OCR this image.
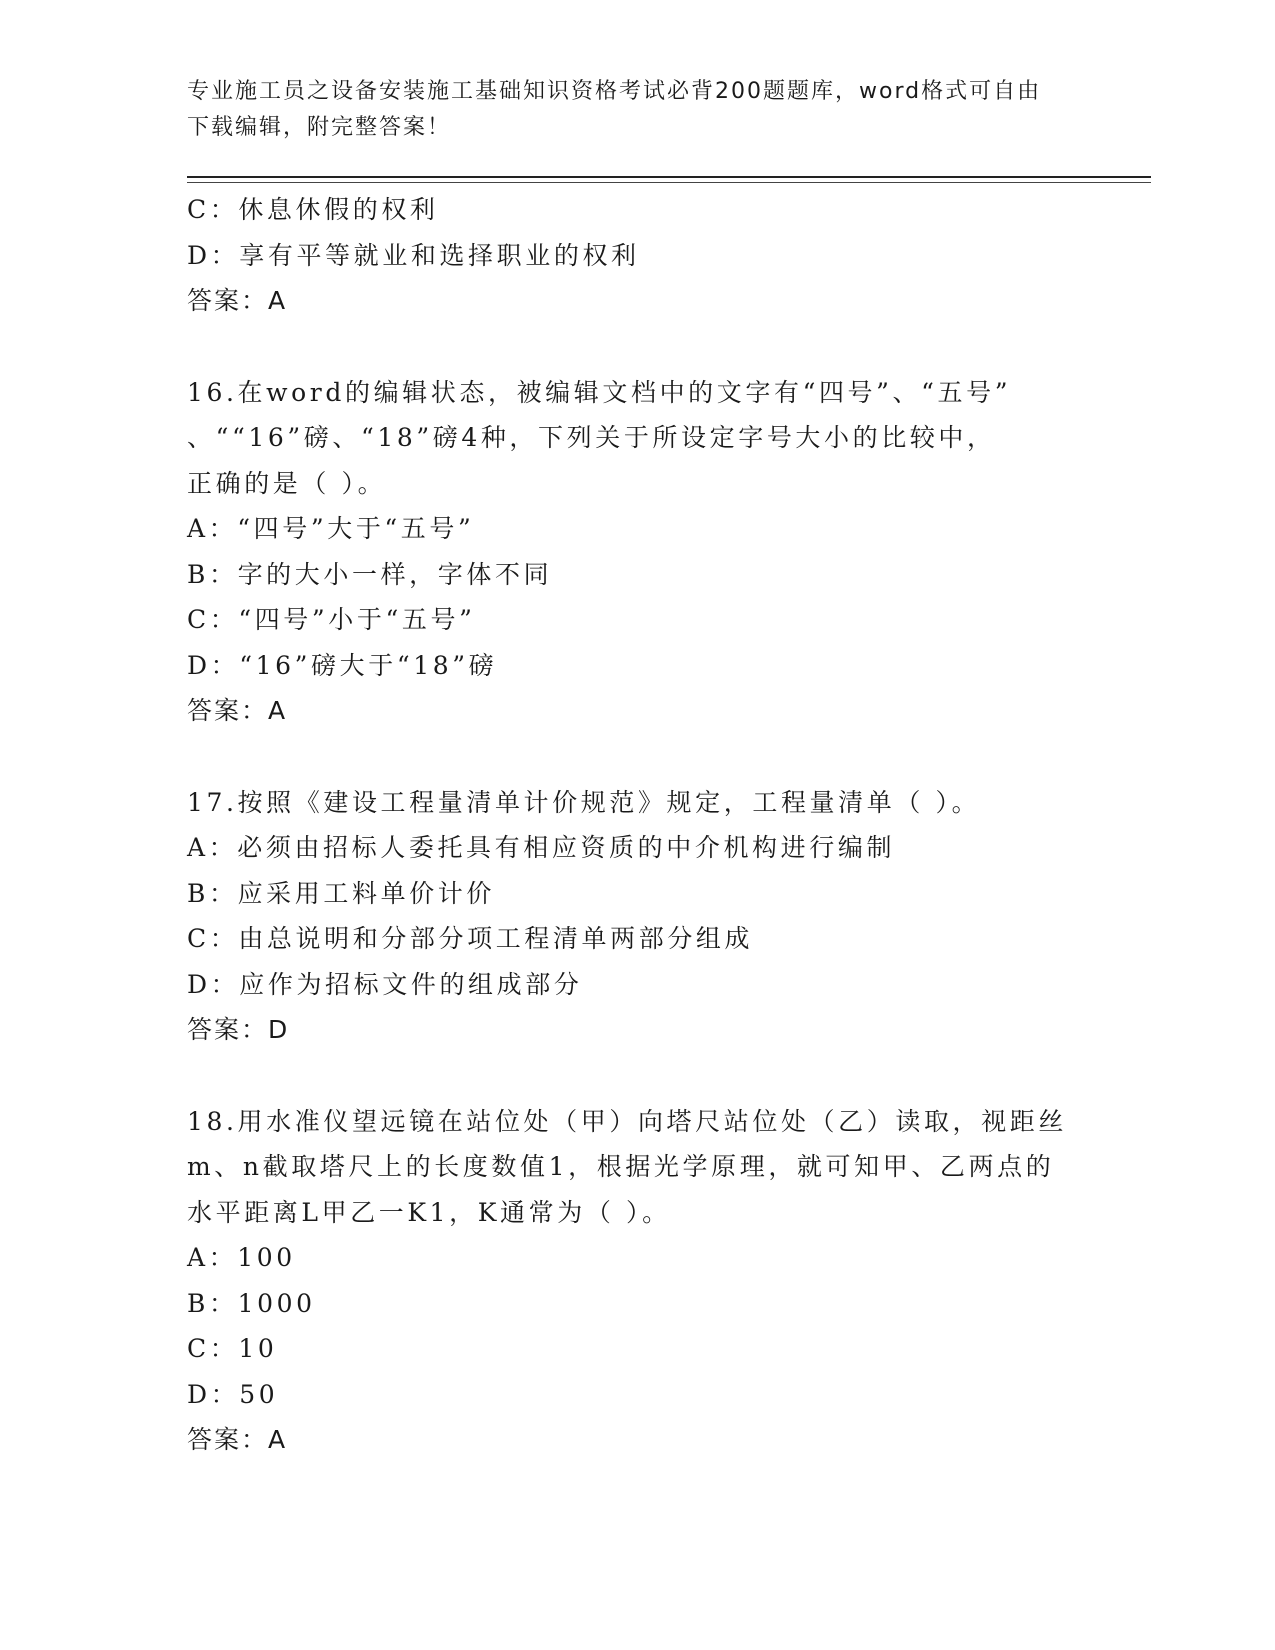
专业施工员之设备安装施工基础知识资格考试必背200题题库，word格式可自由
下载编辑，附完整答案！
C：休息休假的权利
D：享有平等就业和选择职业的权利
答案：A
16.在word的编辑状态，被编辑文档中的文字有“四号”、“五号”
、““16”磅、“18”磅4种，下列关于所设定字号大小的比较中，
正确的是（ ）。
A：“四号”大于“五号”
B：字的大小一样，字体不同
C：“四号”小于“五号”
D：“16”磅大于“18”磅
答案：A
17.按照《建设工程量清单计价规范》规定，工程量清单（ ）。
A：必须由招标人委托具有相应资质的中介机构进行编制
B：应采用工料单价计价
C：由总说明和分部分项工程清单两部分组成
D：应作为招标文件的组成部分
答案：D
18.用水准仪望远镜在站位处（甲）向塔尺站位处（乙）读取，视距丝
m、n截取塔尺上的长度数值1，根据光学原理，就可知甲、乙两点的
水平距离L甲乙一K1，K通常为（ ）。
A：100
B：1000
C：10
D：50
答案：A
